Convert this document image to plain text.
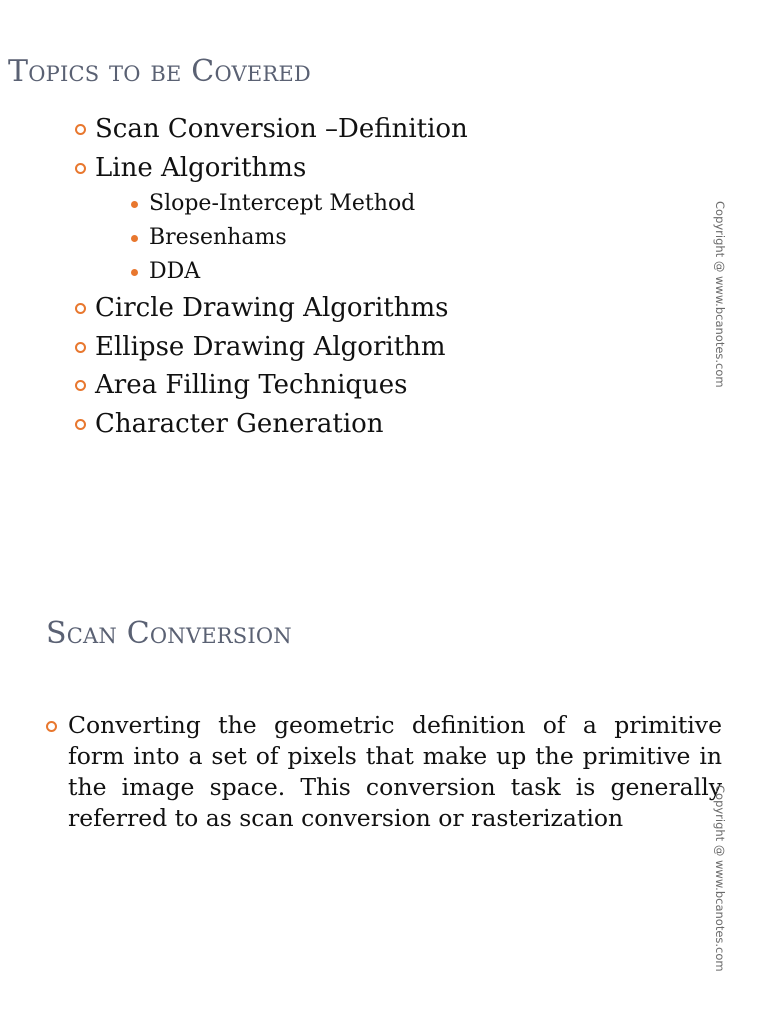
Topics to be Covered
Scan Conversion –Definition
Line Algorithms
Slope-Intercept Method
Bresenhams
DDA
Circle Drawing Algorithms
Ellipse Drawing Algorithm
Area Filling Techniques
Character Generation
Copyright @ www.bcanotes.com
Scan Conversion
Converting the geometric definition of a primitive form into a set of pixels that make up the primitive in the image space. This conversion task is generally referred to as scan conversion or rasterization	Copyright @ www.bcanotes.com
